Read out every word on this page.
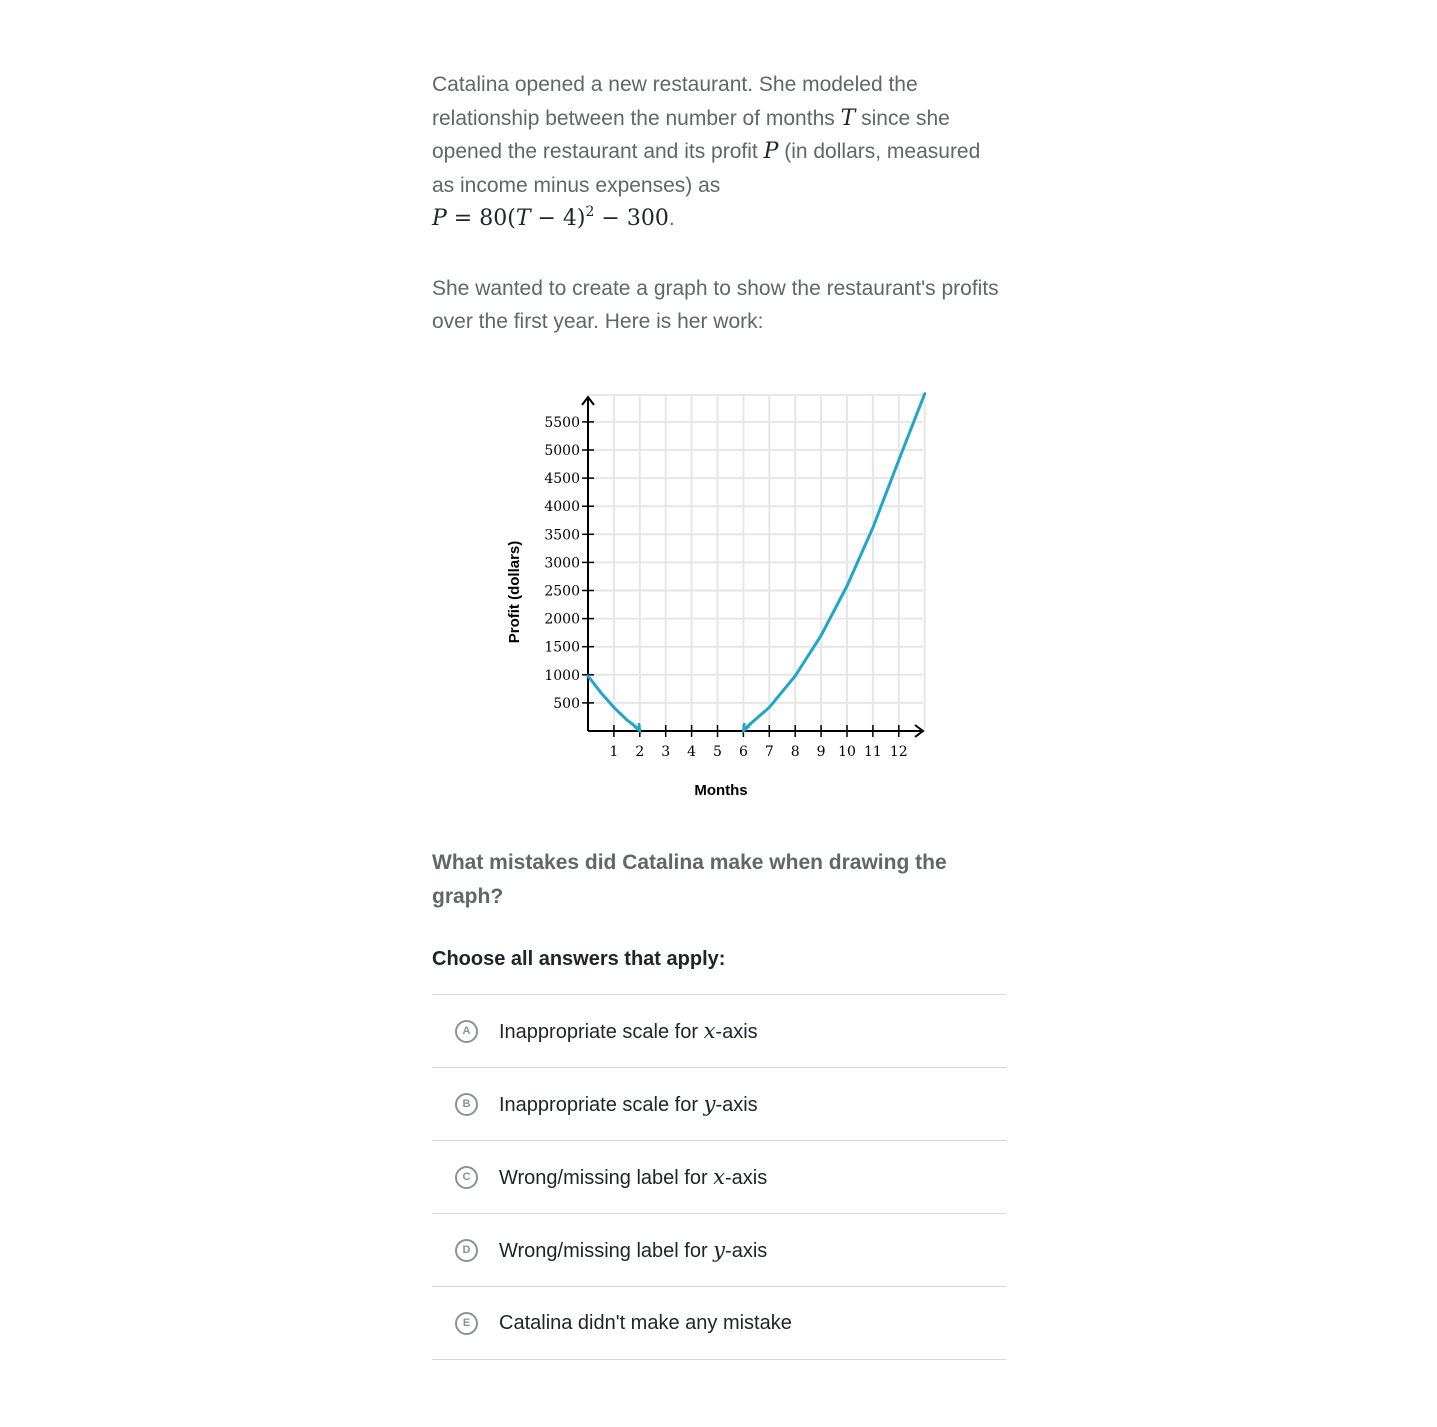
Catalina opened a new restaurant. She modeled the relationship between the number of months T since she opened the restaurant and its profit P (in dollars, measured as income minus expenses) as
$P = 80(T - 4)^2 - 300$.

She wanted to create a graph to show the restaurant's profits over the first year. Here is her work:

1 2 3 4 5 6 7 8 9 10 11 12
500
1000
1500
2000
2500
3000
3500
4000
4500
5000
5500
Months
Profit (dollars)
What mistakes did Catalina make when drawing the graph?
Choose all answers that apply:
A	Inappropriate scale for x-axis
B	Inappropriate scale for y-axis
C	Wrong/missing label for x-axis
D	Wrong/missing label for y-axis
E	Catalina didn't make any mistake
